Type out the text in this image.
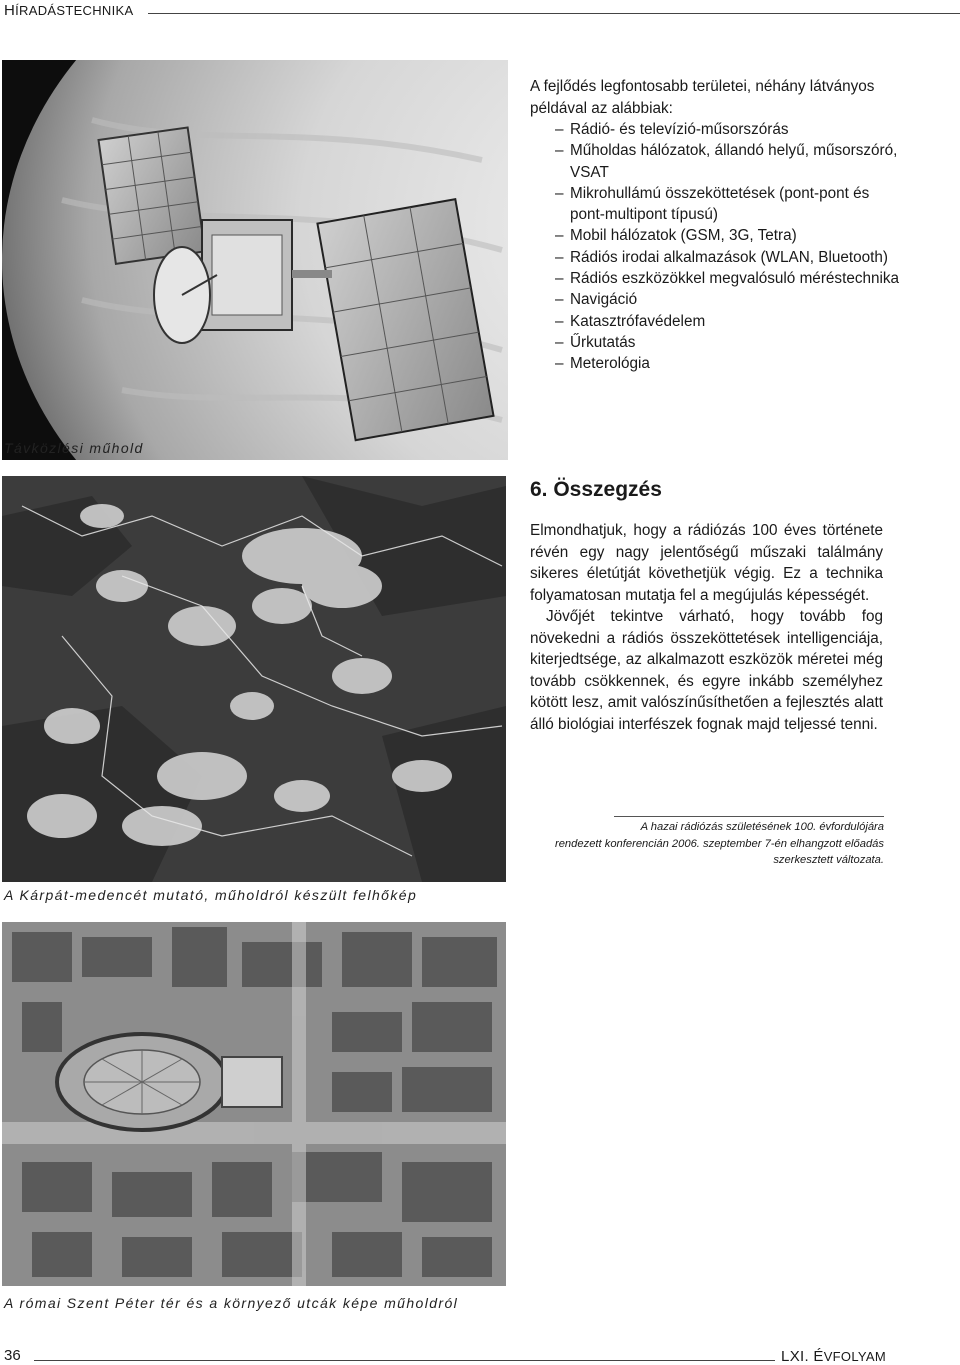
HÍRADÁSTECHNIKA
Távközlési műhold
A Kárpát-medencét mutató, műholdról készült felhőkép
A római Szent Péter tér és a környező utcák képe műholdról
A fejlődés legfontosabb területei, néhány látványos példával az alábbiak:
– Rádió- és televízió-műsorszórás
– Műholdas hálózatok, állandó helyű, műsorszóró, VSAT
– Mikrohullámú összeköttetések (pont-pont és pont-multipont típusú)
– Mobil hálózatok (GSM, 3G, Tetra)
– Rádiós irodai alkalmazások (WLAN, Bluetooth)
– Rádiós eszközökkel megvalósuló méréstechnika
– Navigáció
– Katasztrófavédelem
– Űrkutatás
– Meterológia
6. Összegzés

Elmondhatjuk, hogy a rádiózás 100 éves története révén egy nagy jelentőségű műszaki találmány sikeres életútját követhetjük végig. Ez a technika folyamatosan mutatja fel a megújulás képességét.

Jövőjét tekintve várható, hogy tovább fog növekedni a rádiós összeköttetések intelligenciája, kiterjedtsége, az alkalmazott eszközök méretei még tovább csökkennek, és egyre inkább személyhez kötött lesz, amit valószínűsíthetően a fejlesztés alatt álló biológiai interfészek fognak majd teljessé tenni.

A hazai rádiózás születésének 100. évfordulójára
rendezett konferencián 2006. szeptember 7-én elhangzott előadás
szerkesztett változata.
36	LXI. ÉVFOLYAM
